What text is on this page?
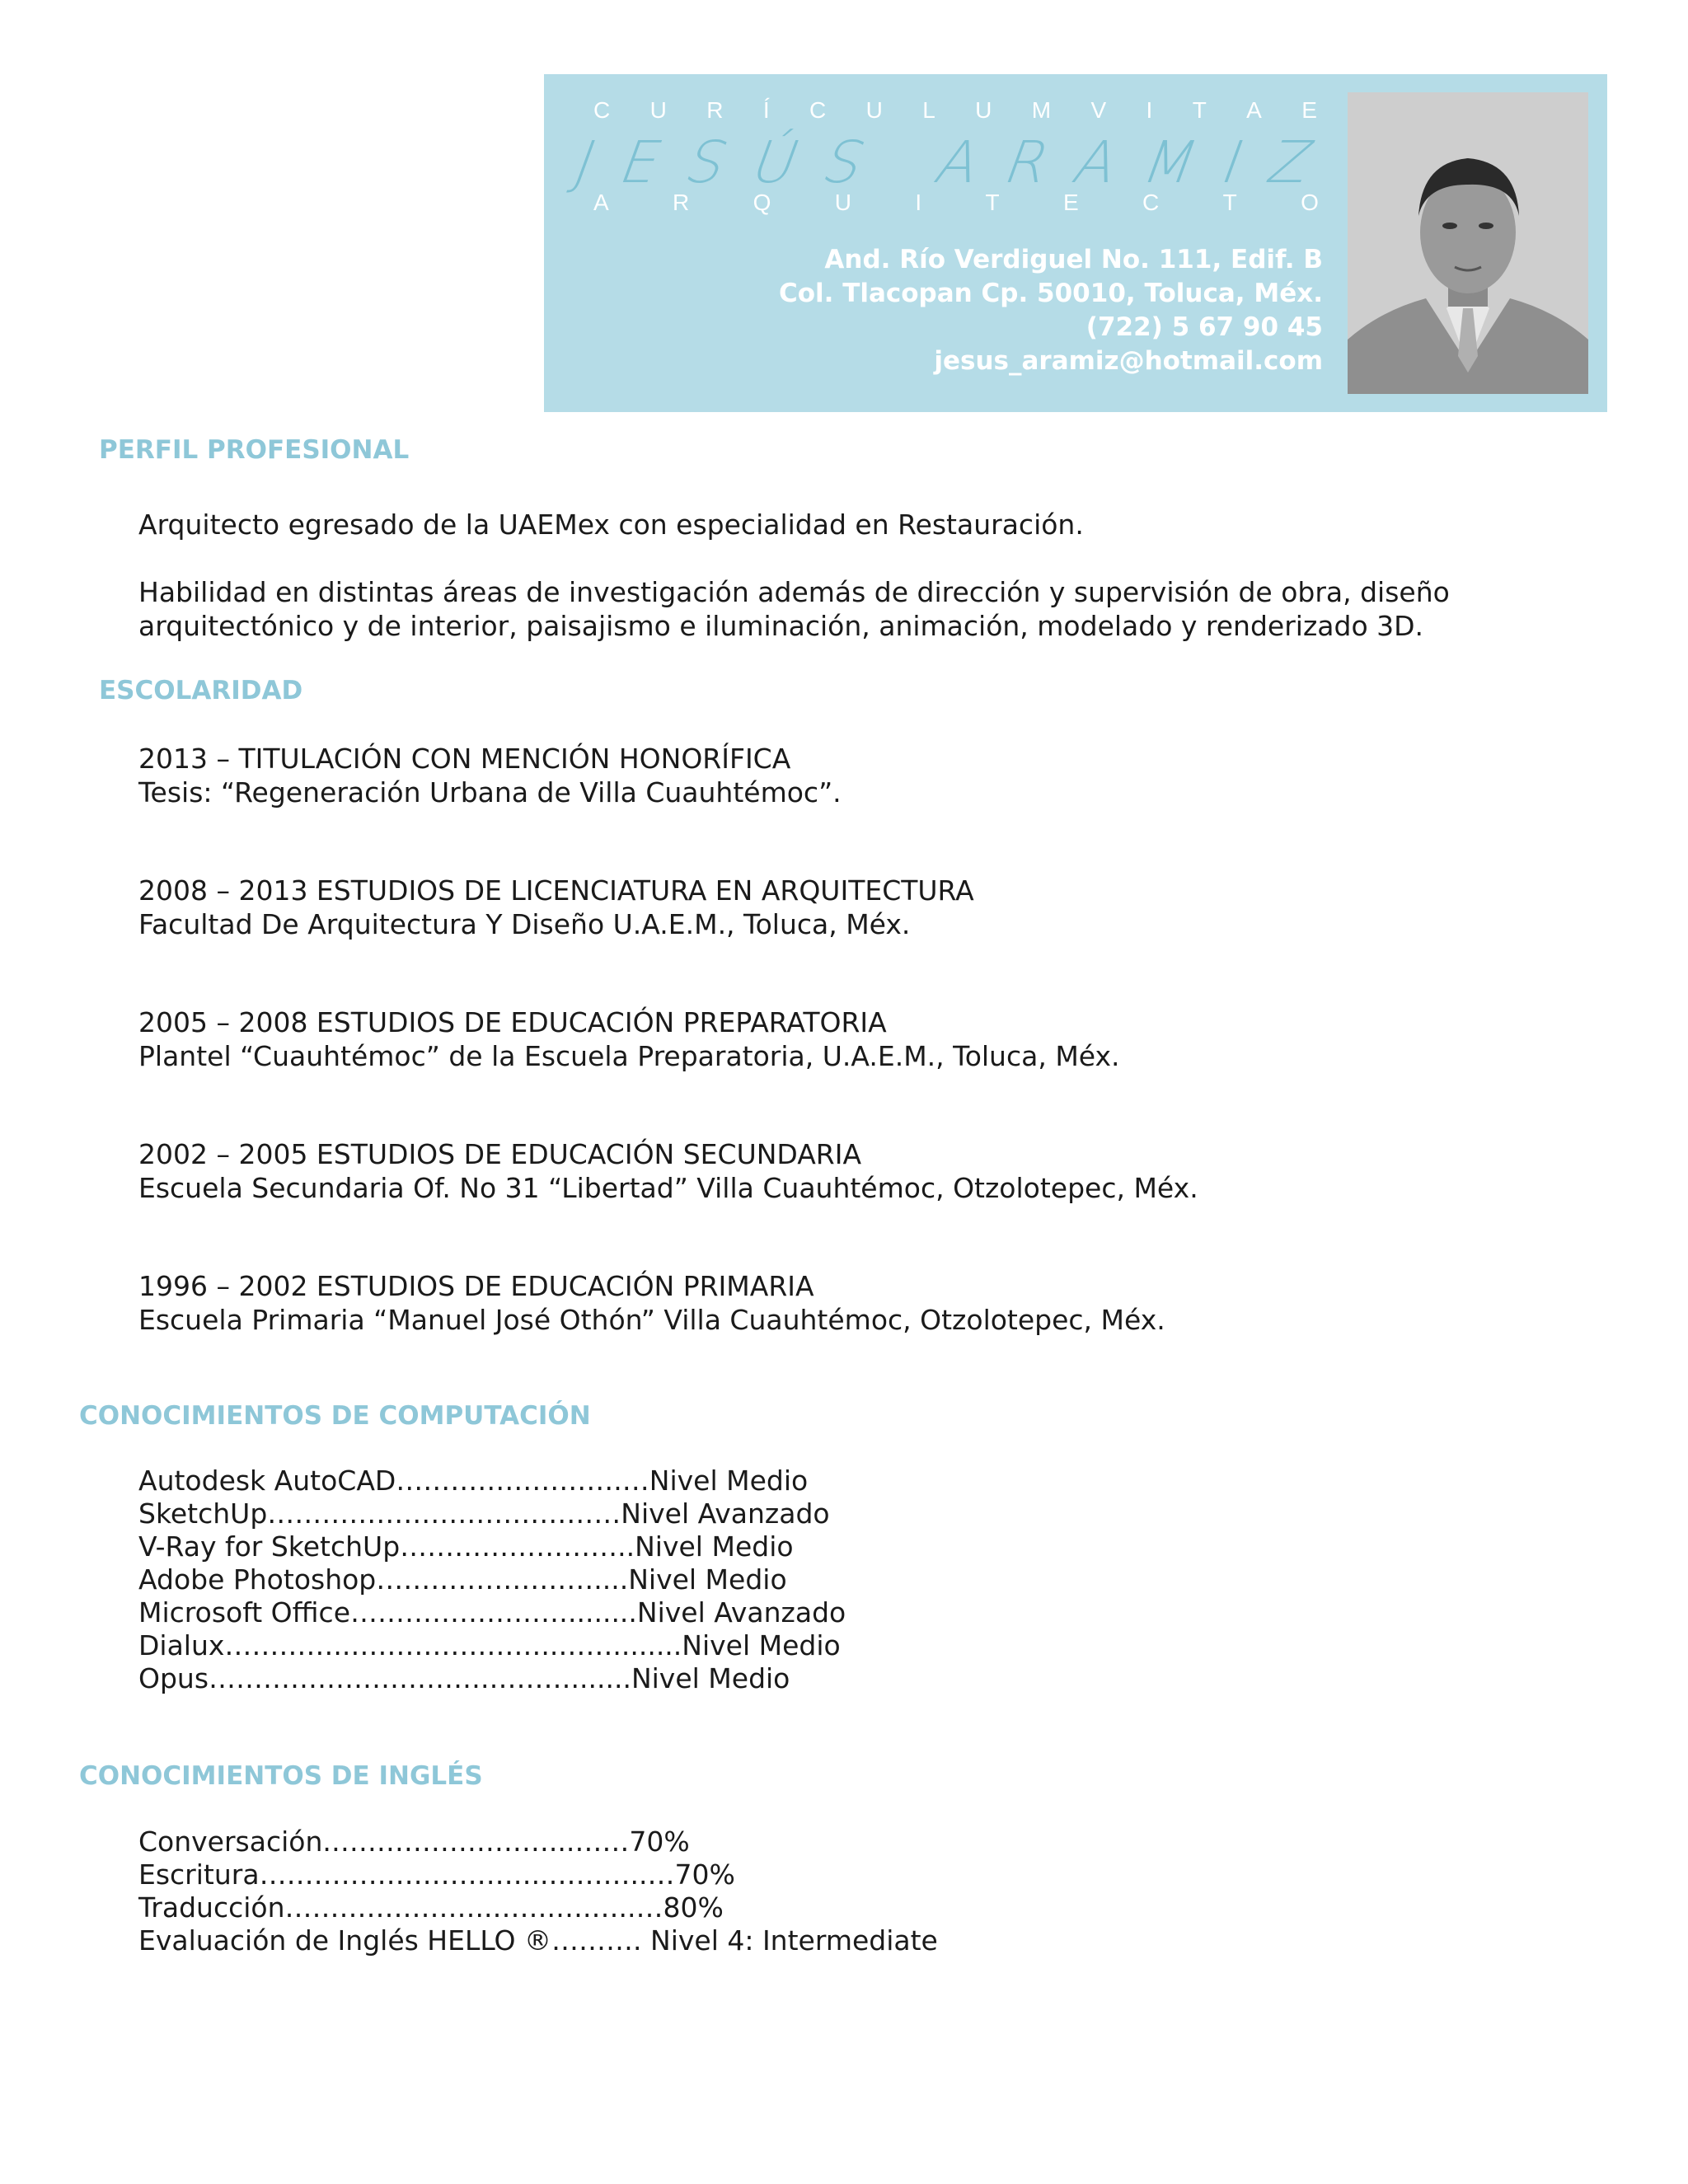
C U R Í C U L U M V I T A E
J E S Ú S
A R A M I Z
A	R	Q	U	I	T	E	C	T	O
And. Río Verdiguel No. 111, Edif. B
Col. Tlacopan Cp. 50010, Toluca, Méx.
(722) 5 67 90 45
jesus_aramiz@hotmail.com
PERFIL PROFESIONAL
Arquitecto egresado de la UAEMex con especialidad en Restauración.
Habilidad en distintas áreas de investigación además de dirección y supervisión de obra, diseño
arquitectónico y de interior, paisajismo e iluminación, animación, modelado y renderizado 3D.
ESCOLARIDAD
2013 – TITULACIÓN CON MENCIÓN HONORÍFICA
Tesis: “Regeneración Urbana de Villa Cuauhtémoc”.
2008 – 2013 ESTUDIOS DE LICENCIATURA EN ARQUITECTURA
Facultad De Arquitectura Y Diseño U.A.E.M., Toluca, Méx.
2005 – 2008 ESTUDIOS DE EDUCACIÓN PREPARATORIA
Plantel “Cuauhtémoc” de la Escuela Preparatoria, U.A.E.M., Toluca, Méx.
2002 – 2005 ESTUDIOS DE EDUCACIÓN SECUNDARIA
Escuela Secundaria Of. No 31 “Libertad” Villa Cuauhtémoc, Otzolotepec, Méx.
1996 – 2002 ESTUDIOS DE EDUCACIÓN PRIMARIA
Escuela Primaria “Manuel José Othón” Villa Cuauhtémoc, Otzolotepec, Méx.
CONOCIMIENTOS DE COMPUTACIÓN
Autodesk AutoCAD…………………….…Nivel Medio
SketchUp…………………………………Nivel Avanzado
V-Ray for SketchUp……………………..Nivel Medio
Adobe Photoshop……………………....Nivel Medio
Microsoft Office……………………........Nivel Avanzado
Dialux…………..…………………..……........Nivel Medio
Opus………………………….……….......Nivel Medio
CONOCIMIENTOS DE INGLÉS
Conversación.……………………...……70%
Escritura…………………………..………..…70%
Traducción…………………..…….….…..…80%
Evaluación de Inglés HELLO ®………. Nivel 4: Intermediate
